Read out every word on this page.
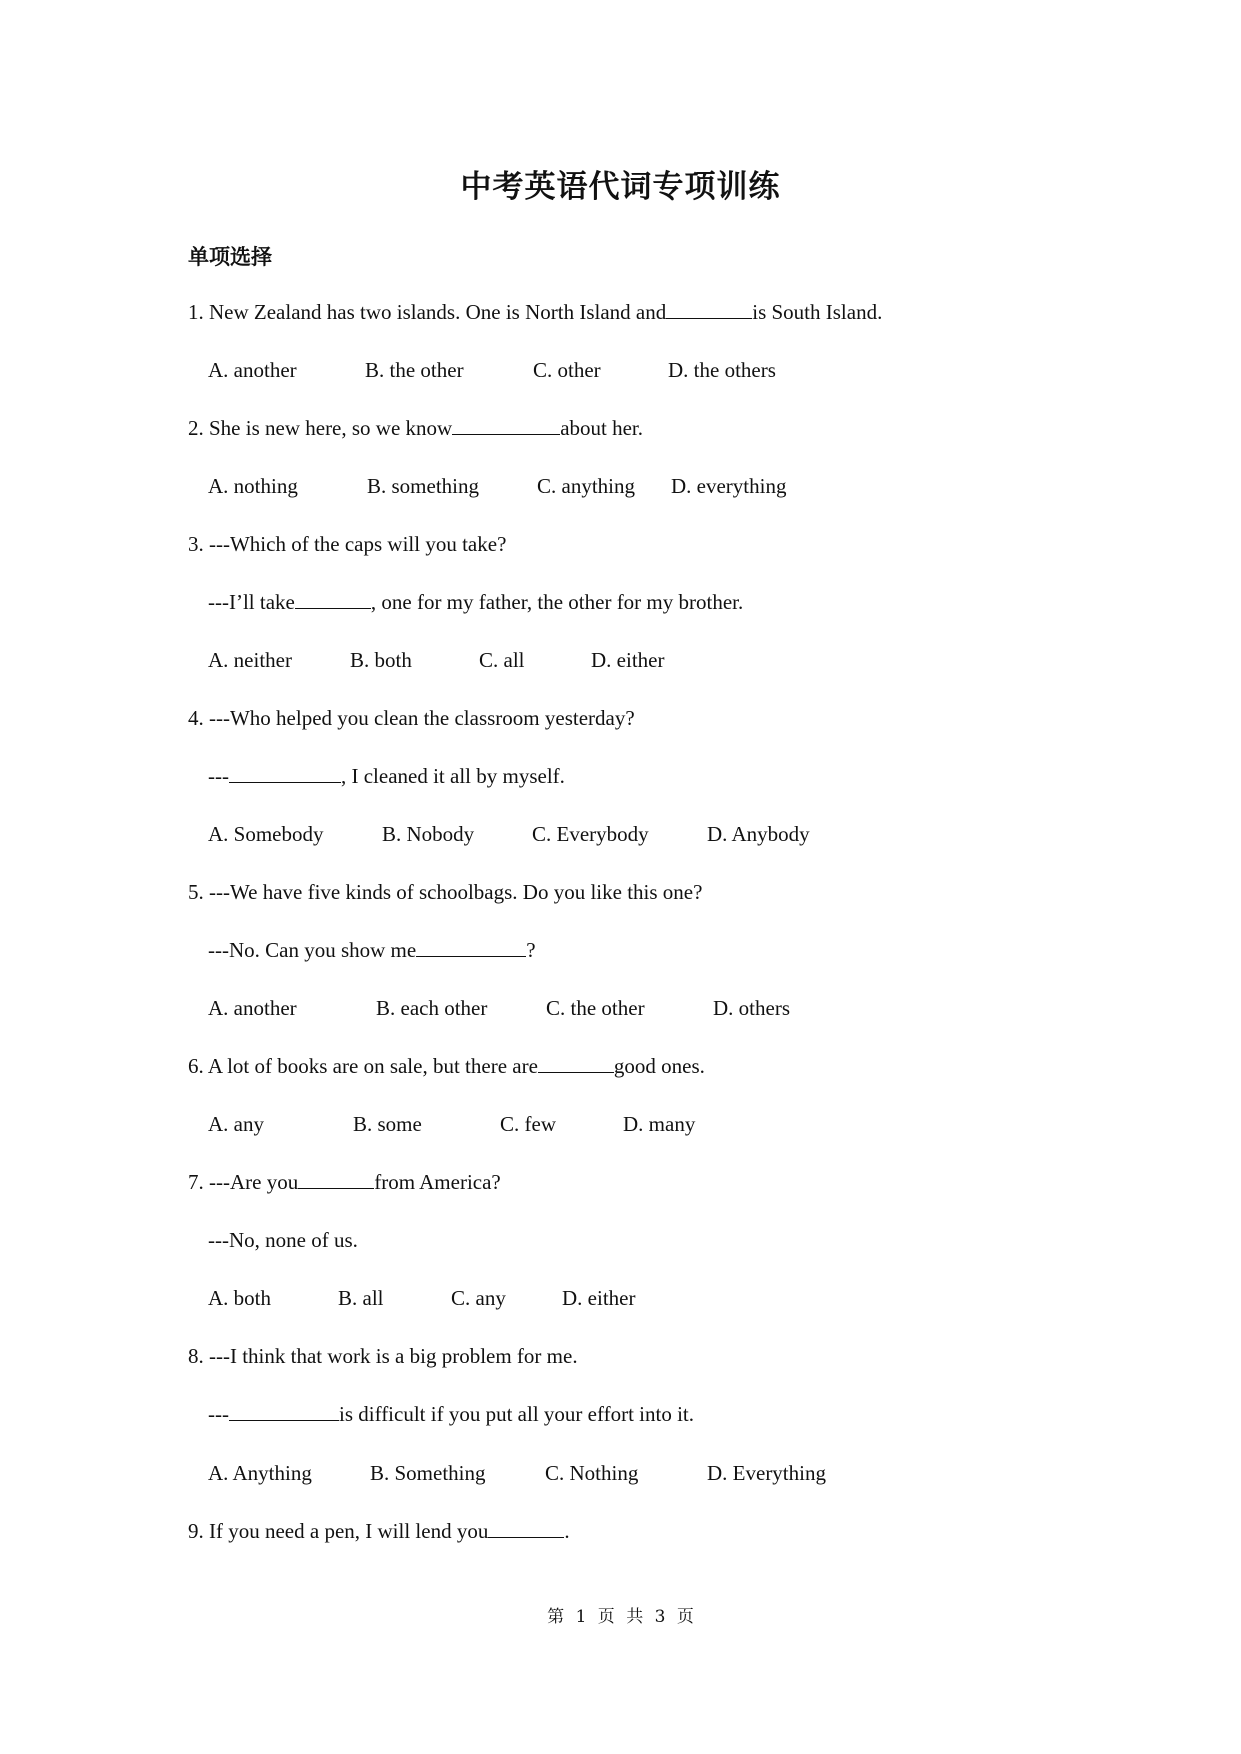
中考英语代词专项训练
单项选择
1. New Zealand has two islands. One is North Island and	is South Island.
A. another	B. the other	C. other	D. the others
2. She is new here, so we know	about her.
A. nothing	B. something	C. anything D. everything
3. ---Which of the caps will you take?
---I’ll take	, one for my father, the other for my brother.
A. neither	B. both	C. all	D. either
4. ---Who helped you clean the classroom yesterday?
---	, I cleaned it all by myself.
A. Somebody	B. Nobody	C. Everybody	D. Anybody
5. ---We have five kinds of schoolbags. Do you like this one?
---No. Can you show me	?
A. another	B. each other	C. the other	D. others
6. A lot of books are on sale, but there are	good ones.
A. any	B. some	C. few	D. many
7. ---Are you	from America?
---No, none of us.
A. both	B. all	C. any	D. either
8. ---I think that work is a big problem for me.
---	is difficult if you put all your effort into it.
A. Anything	B. Something	C. Nothing	D. Everything
9. If you need a pen, I will lend you	.
第 1 页 共 3 页
